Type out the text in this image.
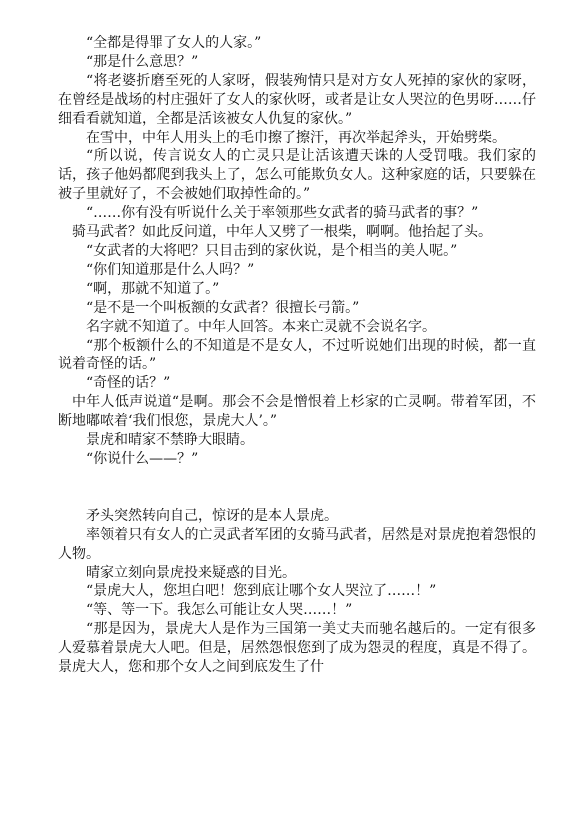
“全都是得罪了女人的人家。”

“那是什么意思？”

“将老婆折磨至死的人家呀，假装殉情只是对方女人死掉的家伙的家呀，在曾经是战场的村庄强奸了女人的家伙呀，或者是让女人哭泣的色男呀……仔细看看就知道，全都是活该被女人仇复的家伙。”

在雪中，中年人用头上的毛巾擦了擦汗，再次举起斧头，开始劈柴。

“所以说，传言说女人的亡灵只是让活该遭天诛的人受罚哦。我们家的话，孩子他妈都爬到我头上了，怎么可能欺负女人。这种家庭的话，只要躲在被子里就好了，不会被她们取掉性命的。”

“……你有没有听说什么关于率领那些女武者的骑马武者的事？”

骑马武者？如此反问道，中年人又劈了一根柴，啊啊。他抬起了头。

“女武者的大将吧？只目击到的家伙说，是个相当的美人呢。”

“你们知道那是什么人吗？”

“啊，那就不知道了。”

“是不是一个叫板额的女武者？很擅长弓箭。”

名字就不知道了。中年人回答。本来亡灵就不会说名字。

“那个板额什么的不知道是不是女人，不过听说她们出现的时候，都一直说着奇怪的话。”

“奇怪的话？”

中年人低声说道“是啊。那会不会是憎恨着上杉家的亡灵啊。带着军团，不断地嘟哝着‘我们恨您，景虎大人’。”

景虎和晴家不禁睁大眼睛。

“你说什么——？”

矛头突然转向自己，惊讶的是本人景虎。

率领着只有女人的亡灵武者军团的女骑马武者，居然是对景虎抱着怨恨的人物。

晴家立刻向景虎投来疑惑的目光。

“景虎大人，您坦白吧！您到底让哪个女人哭泣了……！”

“等、等一下。我怎么可能让女人哭……！”

“那是因为，景虎大人是作为三国第一美丈夫而驰名越后的。一定有很多人爱慕着景虎大人吧。但是，居然怨恨您到了成为怨灵的程度，真是不得了。景虎大人，您和那个女人之间到底发生了什
